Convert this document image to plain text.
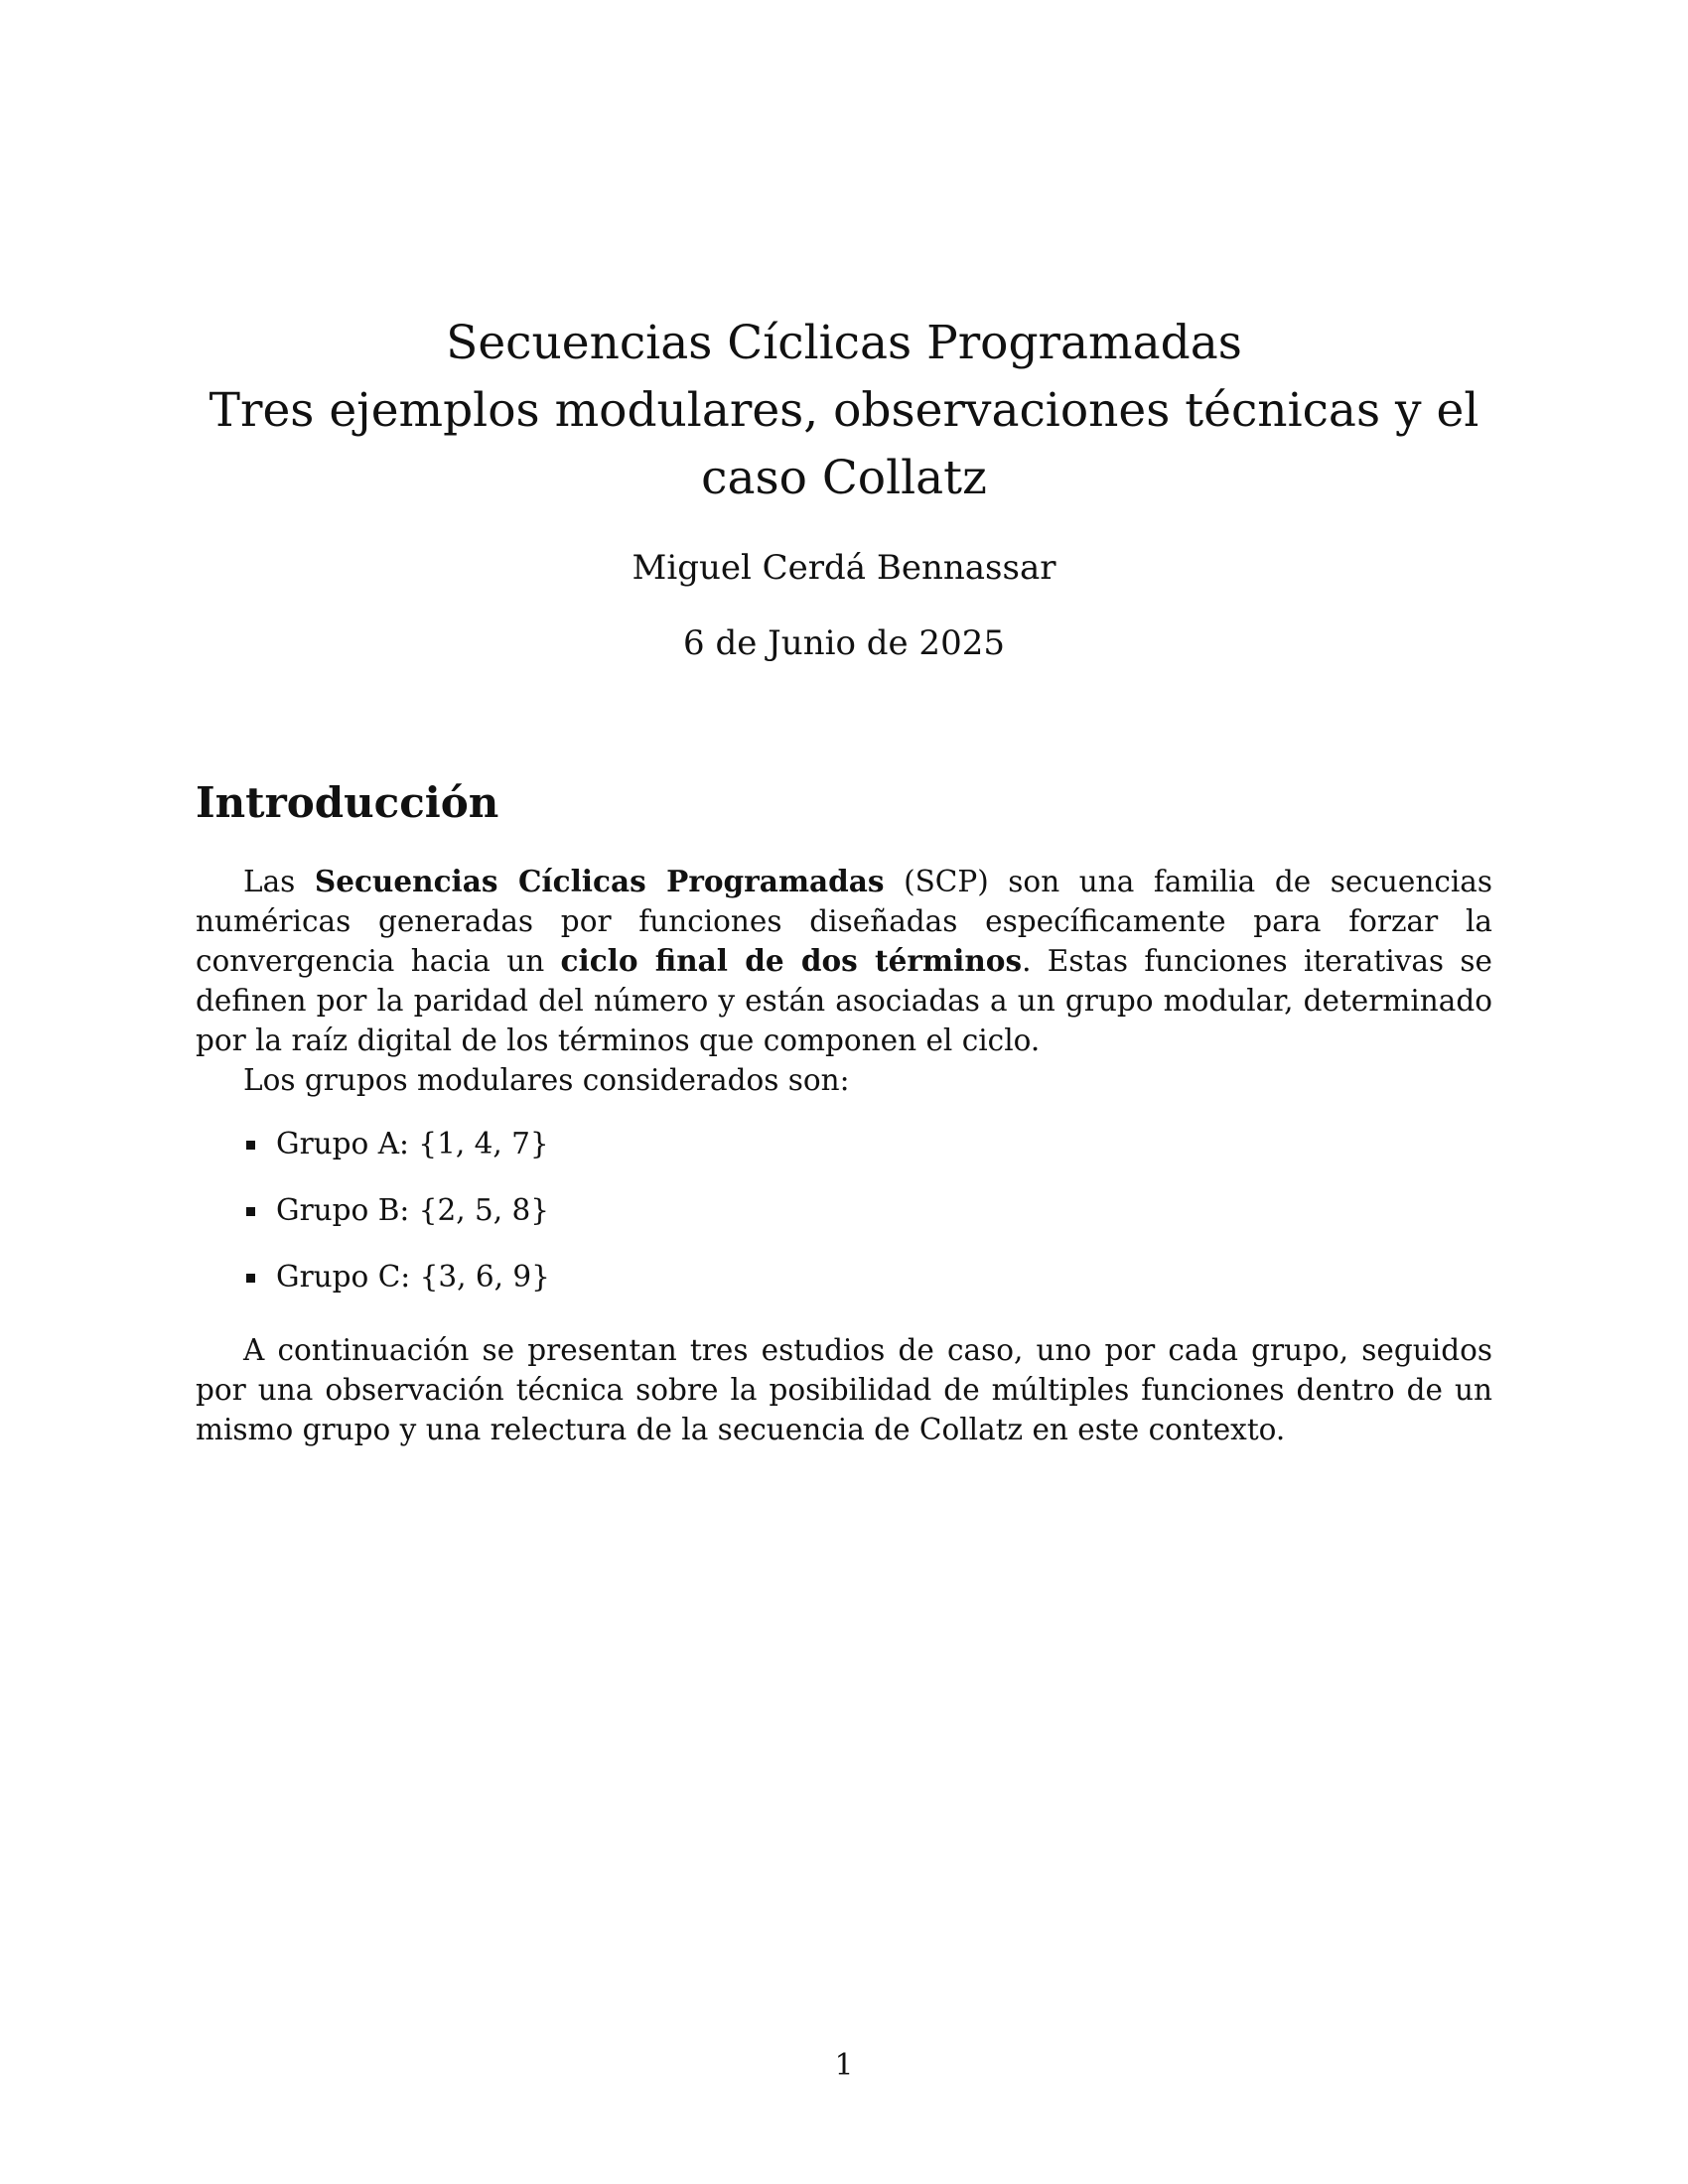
Secuencias Cíclicas Programadas

Tres ejemplos modulares, observaciones técnicas y el

caso Collatz

Miguel Cerdá Bennassar
6 de Junio de 2025
Introducción

Las Secuencias Cíclicas Programadas (SCP) son una familia de secuencias numéricas generadas por funciones diseñadas específicamente para forzar la convergencia hacia un ciclo final de dos términos. Estas funciones iterativas se definen por la paridad del número y están asociadas a un grupo modular, determinado por la raíz digital de los términos que componen el ciclo.

Los grupos modulares considerados son:

Grupo A: {1, 4, 7}
Grupo B: {2, 5, 8}
Grupo C: {3, 6, 9}

A continuación se presentan tres estudios de caso, uno por cada grupo, seguidos por una observación técnica sobre la posibilidad de múltiples funciones dentro de un mismo grupo y una relectura de la secuencia de Collatz en este contexto.

1
